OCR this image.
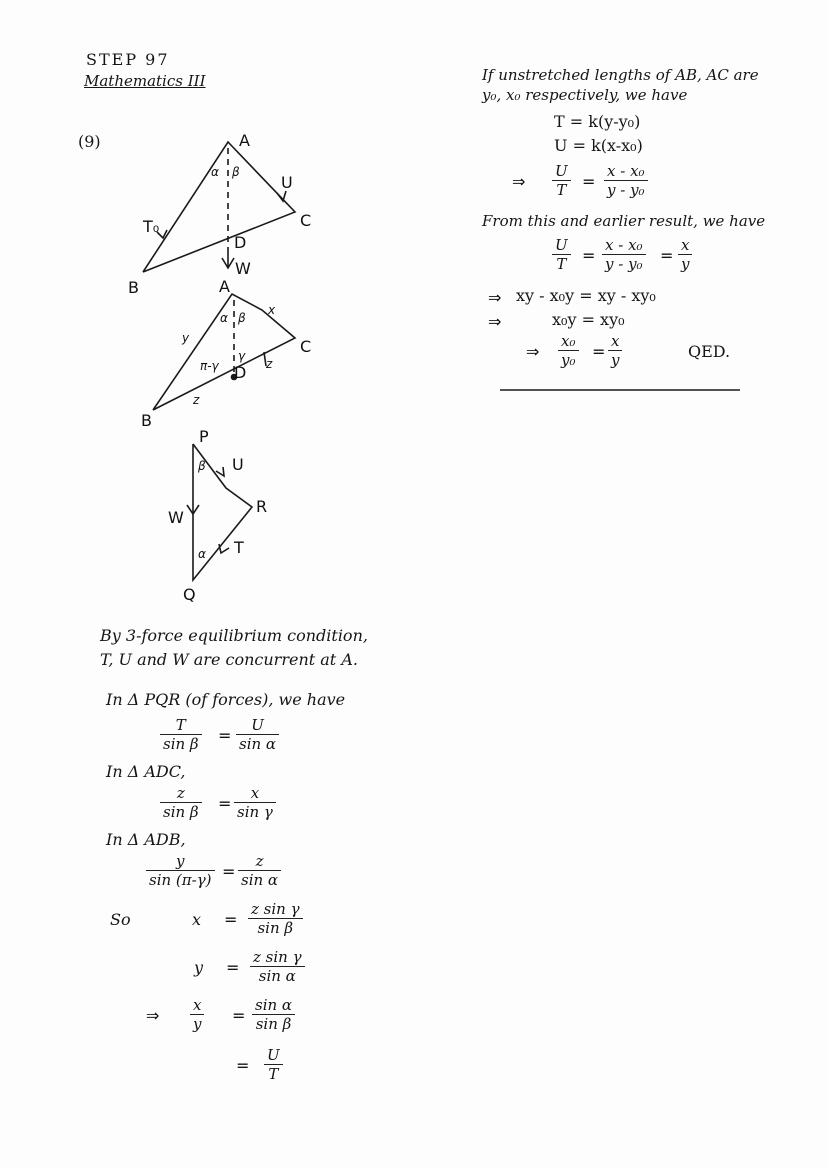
STEP 97
Mathematics III
(9)	A
B
C
D
α β
T₀
U
W
A
B
C
D
α β
γ
π-γ
x
y
z
z
P
Q
R
β
α
U
W
T
By 3-force equilibrium condition,
T, U and W are concurrent at A.
In Δ PQR (of forces), we have
$\frac{T}{\text{sin β}} = \frac{U}{\text{sin α}}$
In Δ ADC,
$\frac{z}{\text{sin β}} = \frac{x}{\text{sin γ}}$
In Δ ADB,
$\frac{y}{\sin (\pi-\gamma)} = \frac{z}{\text{sin α}}$
So	$x = \frac{\text{z sin γ}}{\text{sin β}}$
$y = \frac{\text{z sin γ}}{\text{sin α}}$
⇒ $\frac{x}{y} = \frac{\text{sin α}}{\text{sin β}}$
= $\frac{U}{T}$
If unstretched lengths of AB, AC are
y₀, x₀ respectively, we have
T = k(y-y₀)
U = k(x-x₀)
⇒ $\frac{U}{T} = \frac{\text{x - x₀}}{\text{y - y₀}}$
From this and earlier result, we have
$\frac{U}{T} = \frac{\text{x - x₀}}{\text{y - y₀}} = \frac{x}{y}$
⇒ xy - x₀y = xy - xy₀
⇒	x₀y = xy₀
⇒ $\frac{\text{x₀}}{\text{y₀}} = \frac{x}{y}$	QED.
